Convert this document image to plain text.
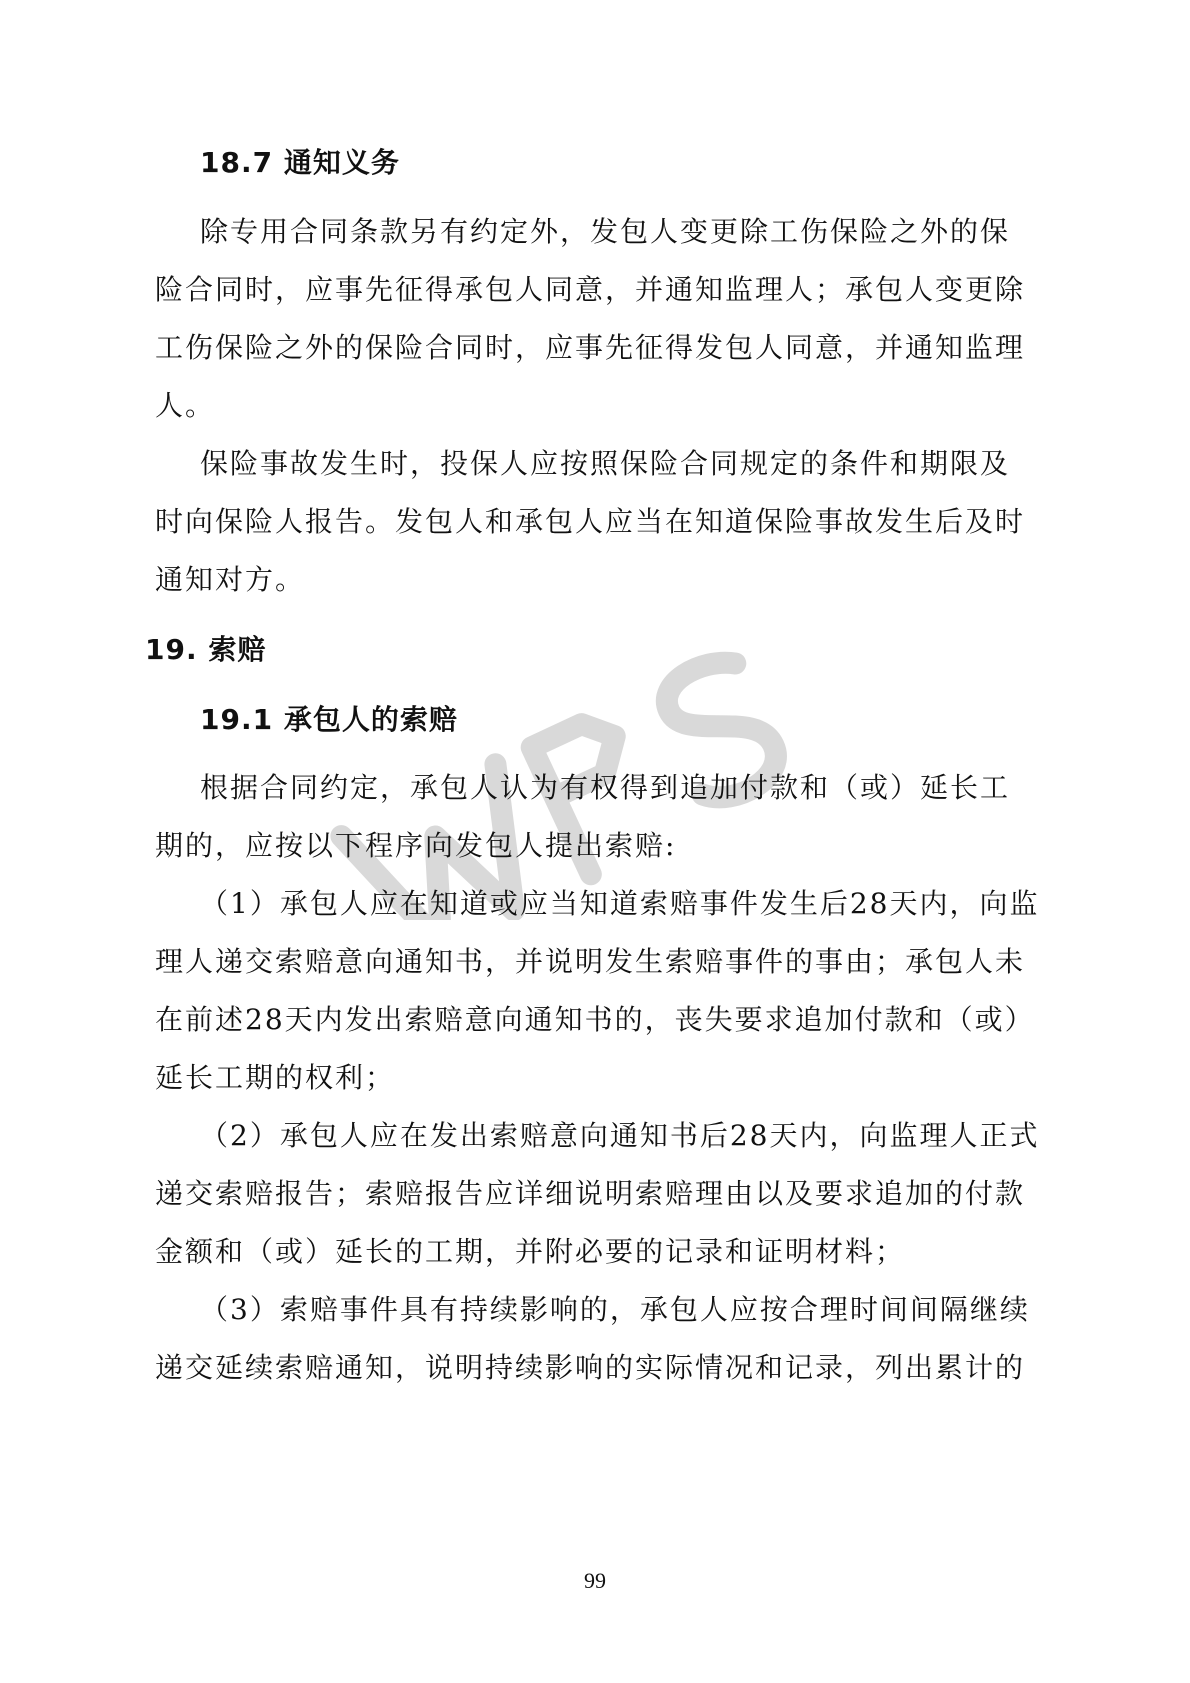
18.7 通知义务
除专用合同条款另有约定外，发包人变更除工伤保险之外的保
险合同时，应事先征得承包人同意，并通知监理人；承包人变更除
工伤保险之外的保险合同时，应事先征得发包人同意，并通知监理
人。
保险事故发生时，投保人应按照保险合同规定的条件和期限及
时向保险人报告。发包人和承包人应当在知道保险事故发生后及时
通知对方。
19. 索赔
19.1 承包人的索赔
根据合同约定，承包人认为有权得到追加付款和（或）延长工
期的，应按以下程序向发包人提出索赔:
（1）承包人应在知道或应当知道索赔事件发生后28天内，向监
理人递交索赔意向通知书，并说明发生索赔事件的事由；承包人未
在前述28天内发出索赔意向通知书的，丧失要求追加付款和（或）
延长工期的权利；
（2）承包人应在发出索赔意向通知书后28天内，向监理人正式
递交索赔报告；索赔报告应详细说明索赔理由以及要求追加的付款
金额和（或）延长的工期，并附必要的记录和证明材料；
（3）索赔事件具有持续影响的，承包人应按合理时间间隔继续
递交延续索赔通知，说明持续影响的实际情况和记录，列出累计的
99
